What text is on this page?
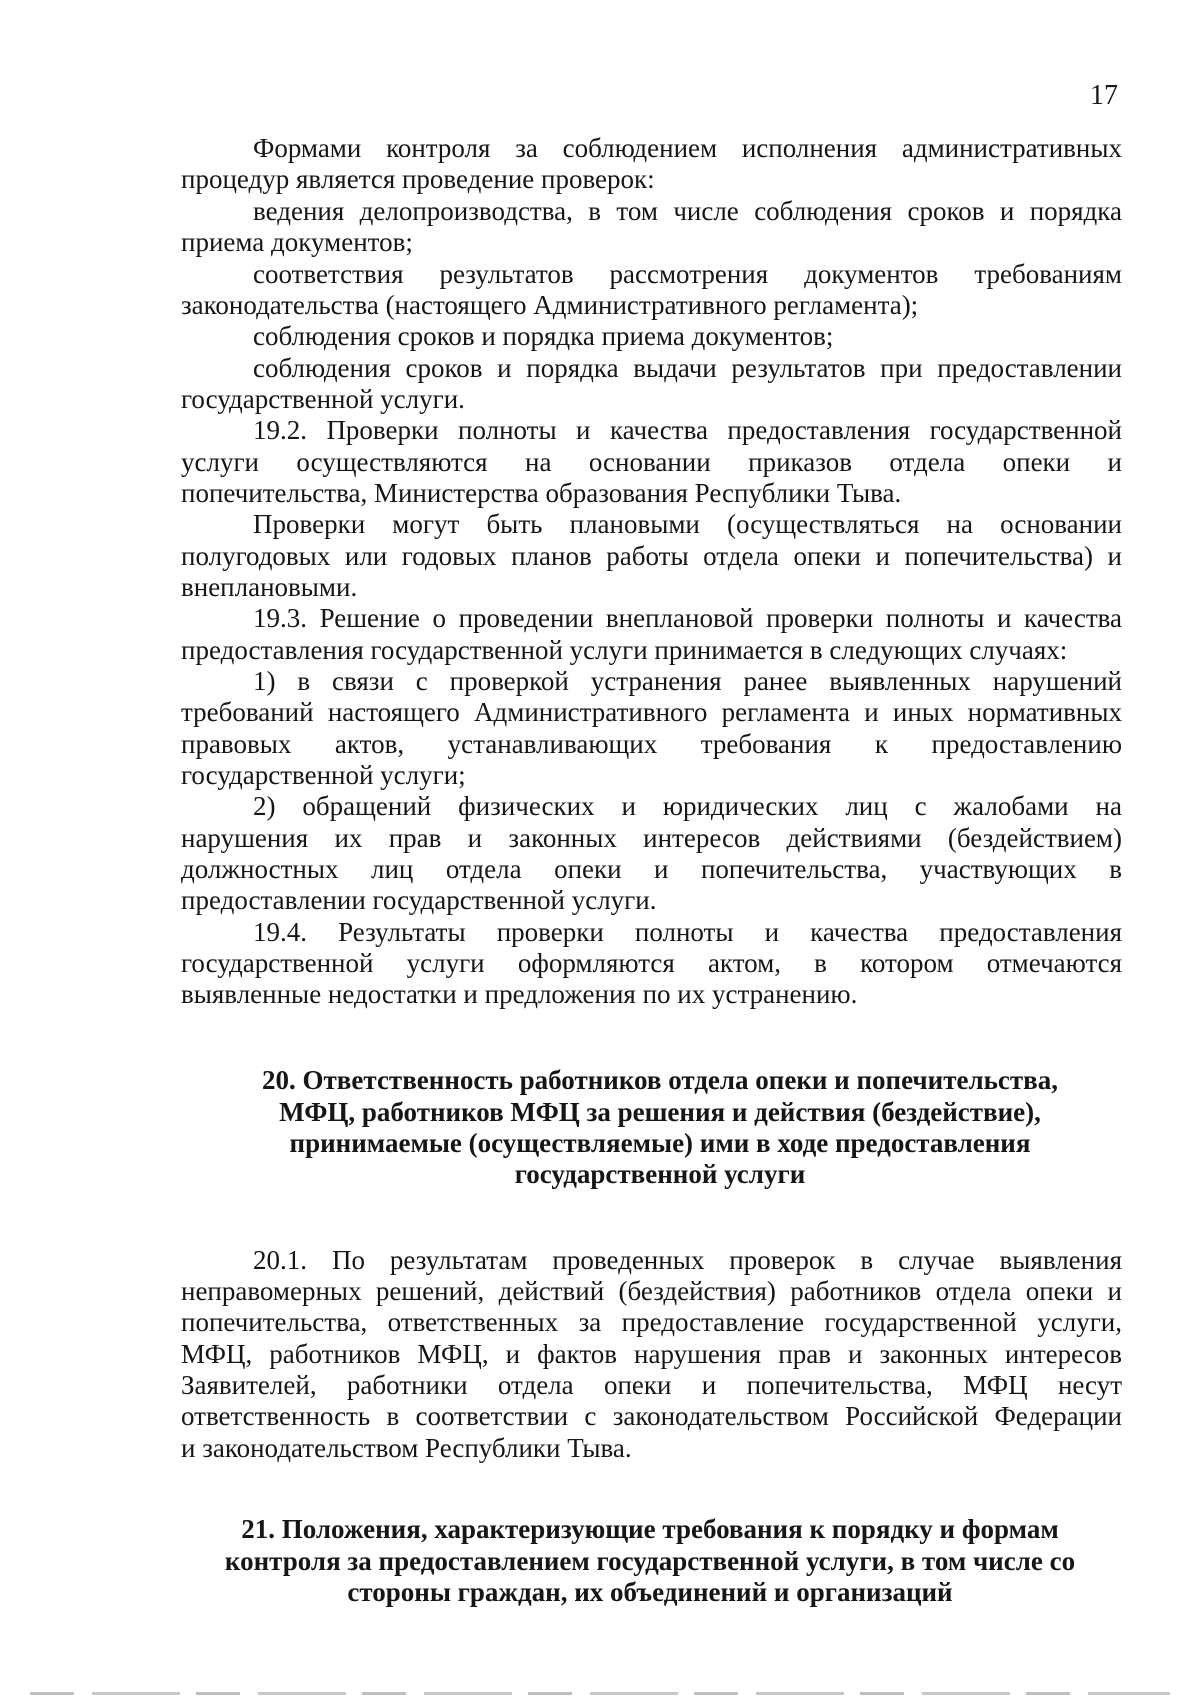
17

Формами контроля за соблюдением исполнения административных

процедур является проведение проверок:

ведения делопроизводства, в том числе соблюдения сроков и порядка

приема документов;

соответствия результатов рассмотрения документов требованиям

законодательства (настоящего Административного регламента);

соблюдения сроков и порядка приема документов;

соблюдения сроков и порядка выдачи результатов при предоставлении

государственной услуги.

19.2. Проверки полноты и качества предоставления государственной

услуги осуществляются на основании приказов отдела опеки и

попечительства, Министерства образования Республики Тыва.

Проверки могут быть плановыми (осуществляться на основании

полугодовых или годовых планов работы отдела опеки и попечительства) и

внеплановыми.

19.3. Решение о проведении внеплановой проверки полноты и качества

предоставления государственной услуги принимается в следующих случаях:

1) в связи с проверкой устранения ранее выявленных нарушений

требований настоящего Административного регламента и иных нормативных

правовых актов, устанавливающих требования к предоставлению

государственной услуги;

2) обращений физических и юридических лиц с жалобами на

нарушения их прав и законных интересов действиями (бездействием)

должностных лиц отдела опеки и попечительства, участвующих в

предоставлении государственной услуги.

19.4. Результаты проверки полноты и качества предоставления

государственной услуги оформляются актом, в котором отмечаются

выявленные недостатки и предложения по их устранению.

20. Ответственность работников отдела опеки и попечительства,

МФЦ, работников МФЦ за решения и действия (бездействие),

принимаемые (осуществляемые) ими в ходе предоставления

государственной услуги

20.1. По результатам проведенных проверок в случае выявления

неправомерных решений, действий (бездействия) работников отдела опеки и

попечительства, ответственных за предоставление государственной услуги,

МФЦ, работников МФЦ, и фактов нарушения прав и законных интересов

Заявителей, работники отдела опеки и попечительства, МФЦ несут

ответственность в соответствии с законодательством Российской Федерации

и законодательством Республики Тыва.

21. Положения, характеризующие требования к порядку и формам

контроля за предоставлением государственной услуги, в том числе со

стороны граждан, их объединений и организаций
